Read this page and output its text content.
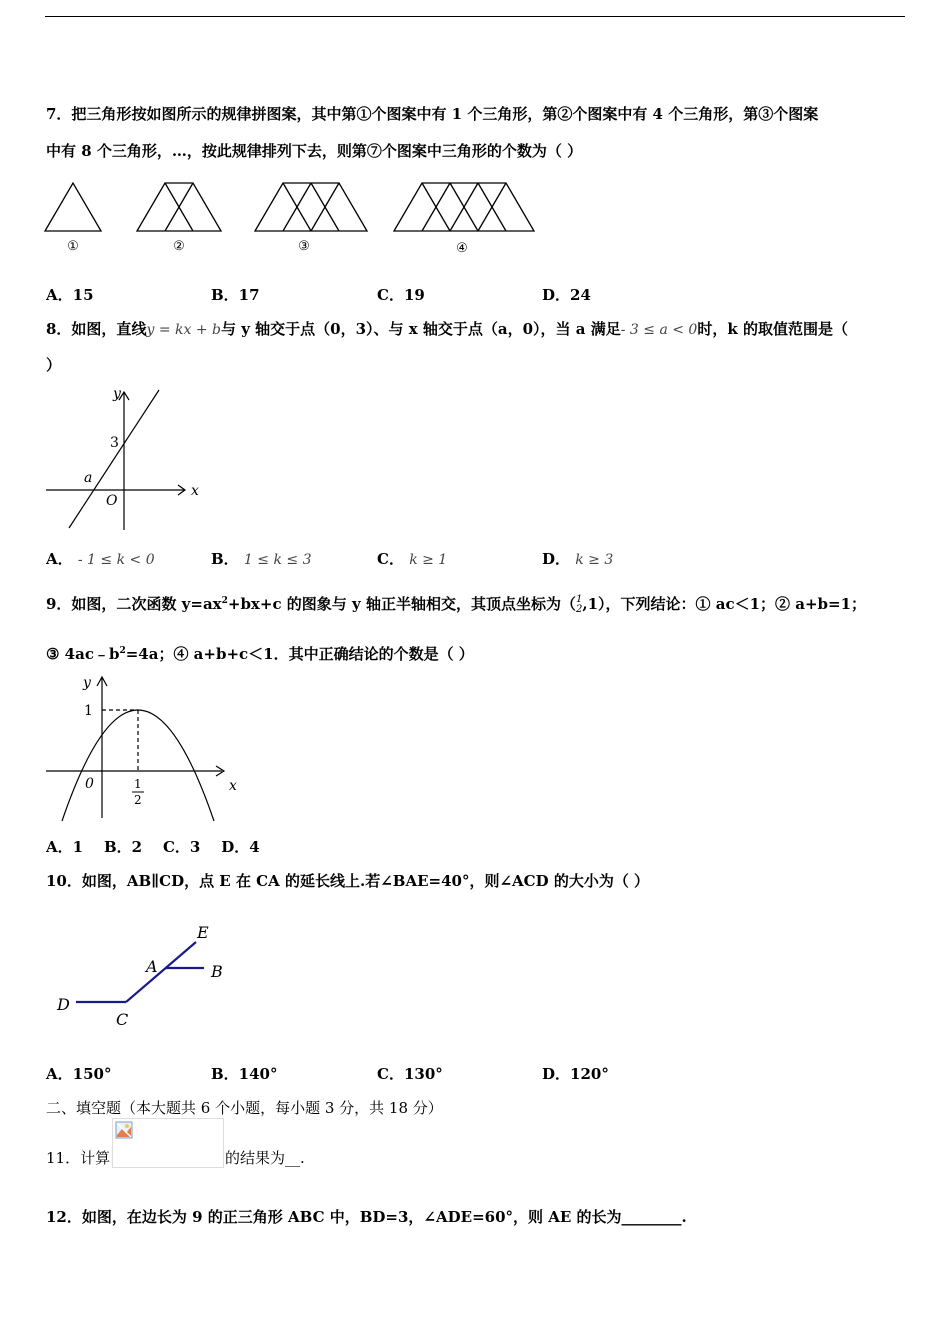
7．把三角形按如图所示的规律拼图案，其中第①个图案中有 1 个三角形，第②个图案中有 4 个三角形，第③个图案
中有 8 个三角形，…，按此规律排列下去，则第⑦个图案中三角形的个数为（ ）
①	②	③	④
A．15	B．17	C．19	D．24
8．如图，直线y = kx + b与 y 轴交于点（0，3）、与 x 轴交于点（a，0），当 a 满足- 3 ≤ a < 0时，k 的取值范围是（
）
y
x
O
3
a
A． - 1 ≤ k < 0	B． 1 ≤ k ≤ 3	C． k ≥ 1	D． k ≥ 3
9．如图，二次函数 $y=ax^2+bx+c$ 的图象与 y 轴正半轴相交，其顶点坐标为（ 1
2 ,1），下列结论：① ac＜1；② a+b=1；
③ $4ac﹣b^2=4a$；④ a+b+c＜1．其中正确结论的个数是（ ）
y
x
0
1
1
2
A．1    B．2    C．3    D．4
10．如图，AB∥CD，点 E 在 CA 的延长线上.若∠BAE=40°，则∠ACD 的大小为（ ）
E
A	B
D
C
A．150°	B．140°	C．130°	D．120°
二、填空题（本大题共 6 个小题，每小题 3 分，共 18 分）
11．计算	的结果为__.
12．如图，在边长为 9 的正三角形 ABC 中，BD=3，∠ADE=60°，则 AE 的长为________.
